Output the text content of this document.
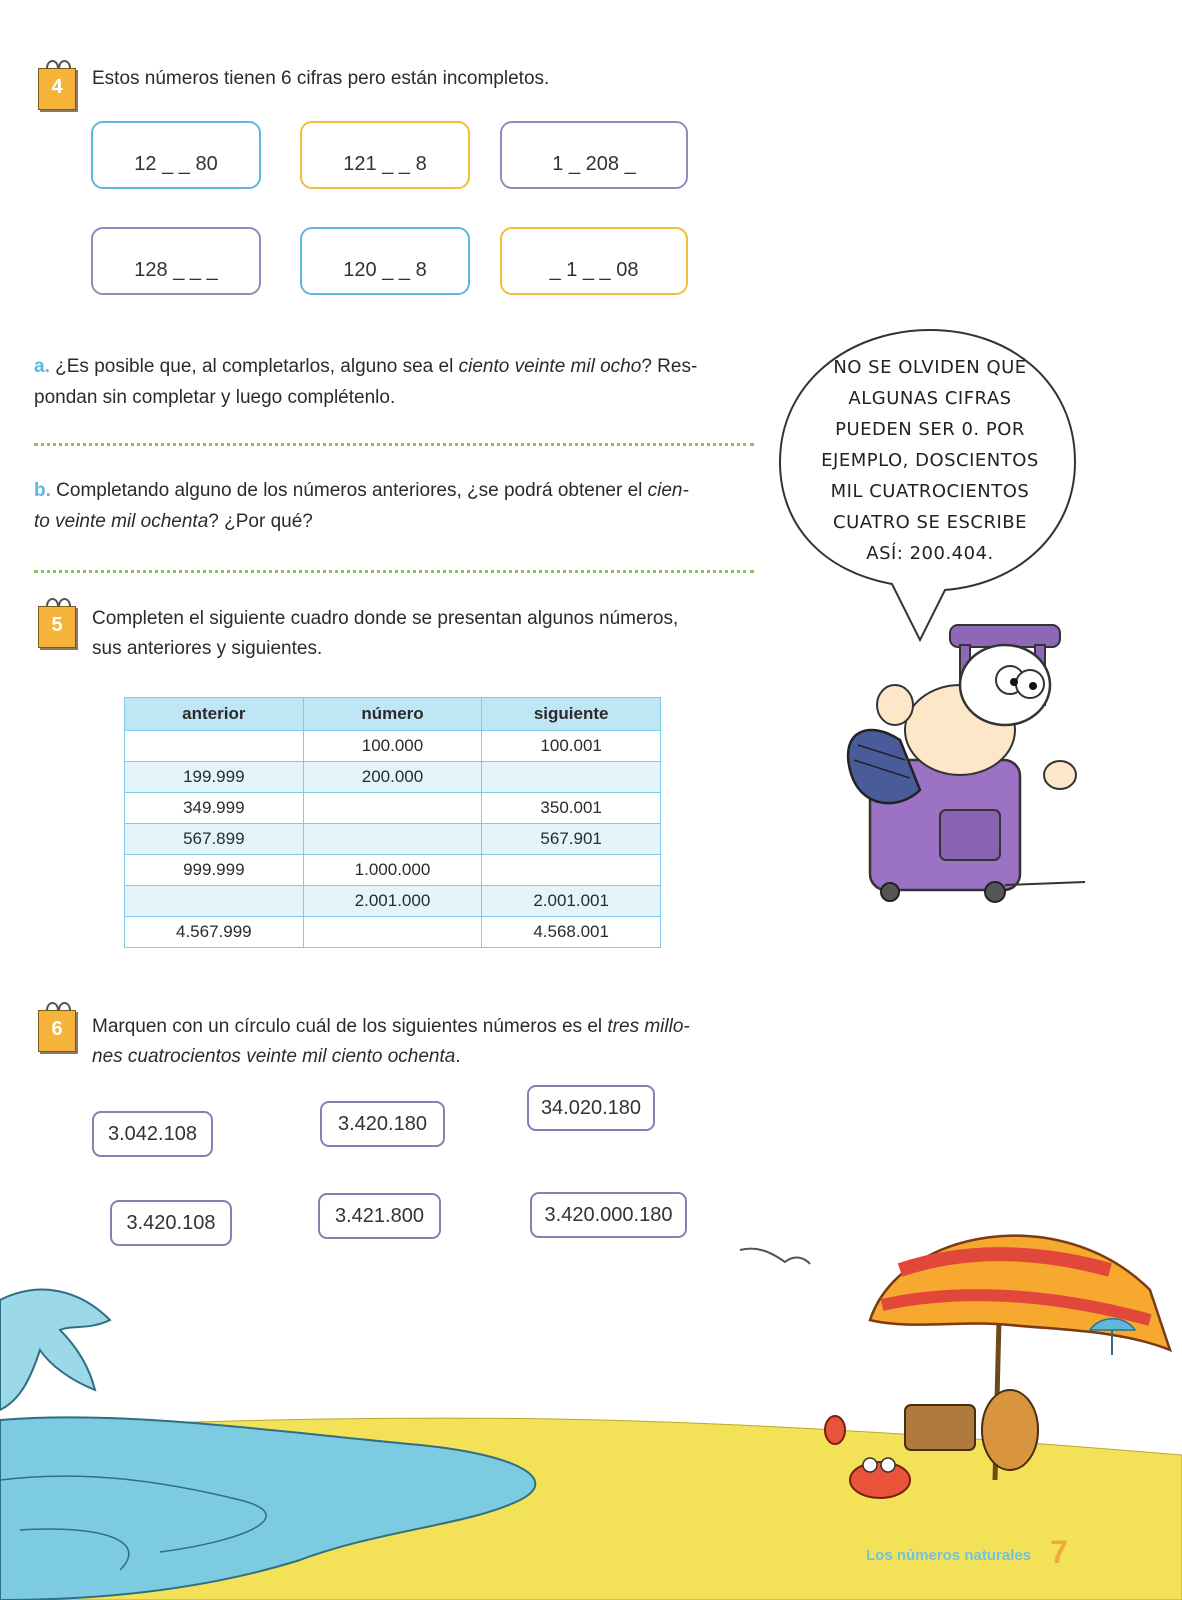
4	Estos números tienen 6 cifras pero están incompletos.
12 _ _ 80	121 _ _ 8	1 _ 208 _
128 _ _ _	120 _ _ 8	_ 1 _ _ 08
a. ¿Es posible que, al completarlos, alguno sea el ciento veinte mil ocho? Res-
pondan sin completar y luego complétenlo.
b. Completando alguno de los números anteriores, ¿se podrá obtener el cien-
to veinte mil ochenta? ¿Por qué?
5	Completen el siguiente cuadro donde se presentan algunos números,
sus anteriores y siguientes.
anterior	número	siguiente
	100.000	100.001
199.999	200.000	
349.999		350.001
567.899		567.901
999.999	1.000.000	
	2.001.000	2.001.001
4.567.999		4.568.001
NO SE OLVIDEN QUE
ALGUNAS CIFRAS
PUEDEN SER 0. POR
EJEMPLO, DOSCIENTOS
MIL CUATROCIENTOS
CUATRO SE ESCRIBE
ASÍ: 200.404.
6	Marquen con un círculo cuál de los siguientes números es el tres millo-
nes cuatrocientos veinte mil ciento ochenta.
3.042.108	3.420.180
34.020.180
3.420.108	3.421.800	3.420.000.180
Los números naturales 7
